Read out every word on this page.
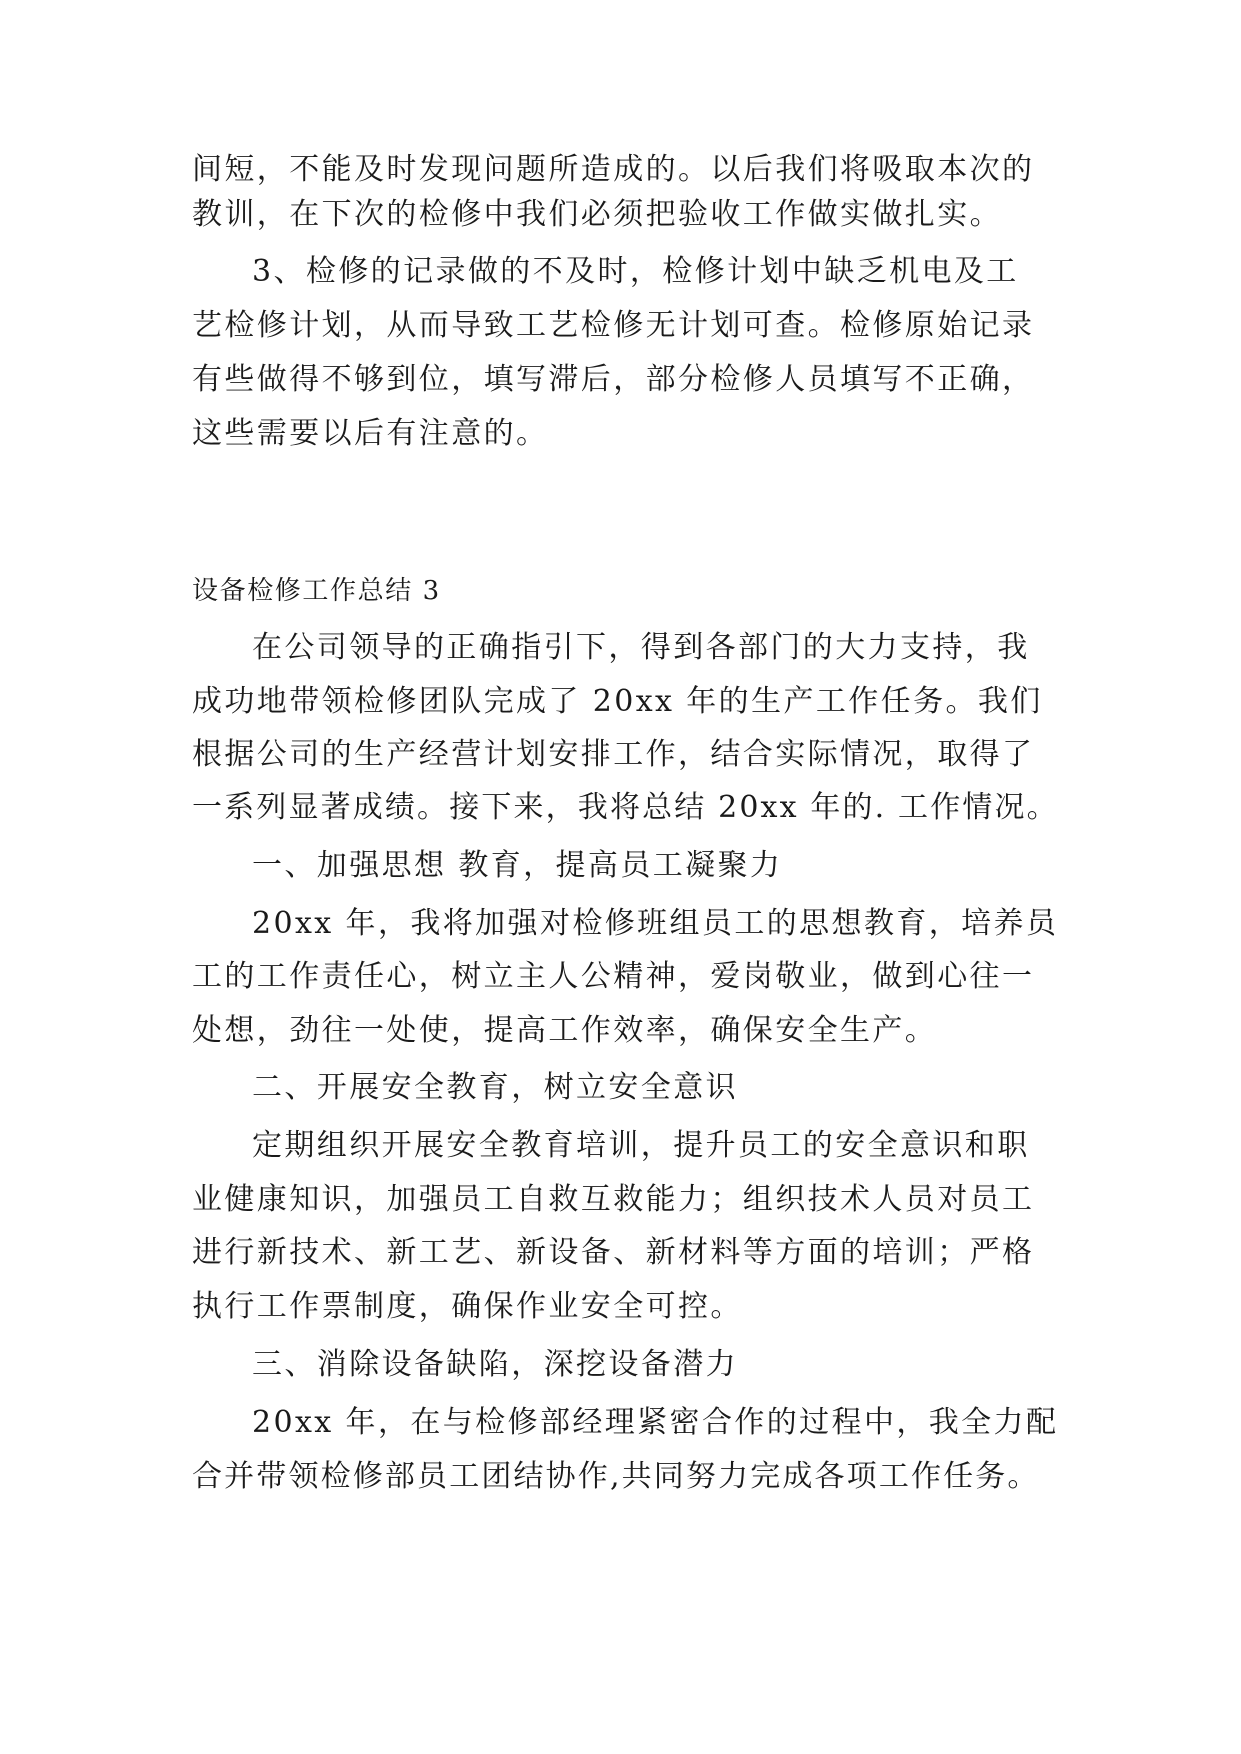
间短，不能及时发现问题所造成的。以后我们将吸取本次的
教训，在下次的检修中我们必须把验收工作做实做扎实。
3、检修的记录做的不及时，检修计划中缺乏机电及工
艺检修计划，从而导致工艺检修无计划可查。检修原始记录
有些做得不够到位，填写滞后，部分检修人员填写不正确，
这些需要以后有注意的。
设备检修工作总结 3
在公司领导的正确指引下，得到各部门的大力支持，我
成功地带领检修团队完成了 20xx 年的生产工作任务。我们
根据公司的生产经营计划安排工作，结合实际情况，取得了
一系列显著成绩。接下来，我将总结 20xx 年的. 工作情况。
一、加强思想 教育，提高员工凝聚力
20xx 年，我将加强对检修班组员工的思想教育，培养员
工的工作责任心，树立主人公精神，爱岗敬业，做到心往一
处想，劲往一处使，提高工作效率，确保安全生产。
二、开展安全教育，树立安全意识
定期组织开展安全教育培训，提升员工的安全意识和职
业健康知识，加强员工自救互救能力；组织技术人员对员工
进行新技术、新工艺、新设备、新材料等方面的培训；严格
执行工作票制度，确保作业安全可控。
三、消除设备缺陷，深挖设备潜力
20xx 年，在与检修部经理紧密合作的过程中，我全力配
合并带领检修部员工团结协作,共同努力完成各项工作任务。
